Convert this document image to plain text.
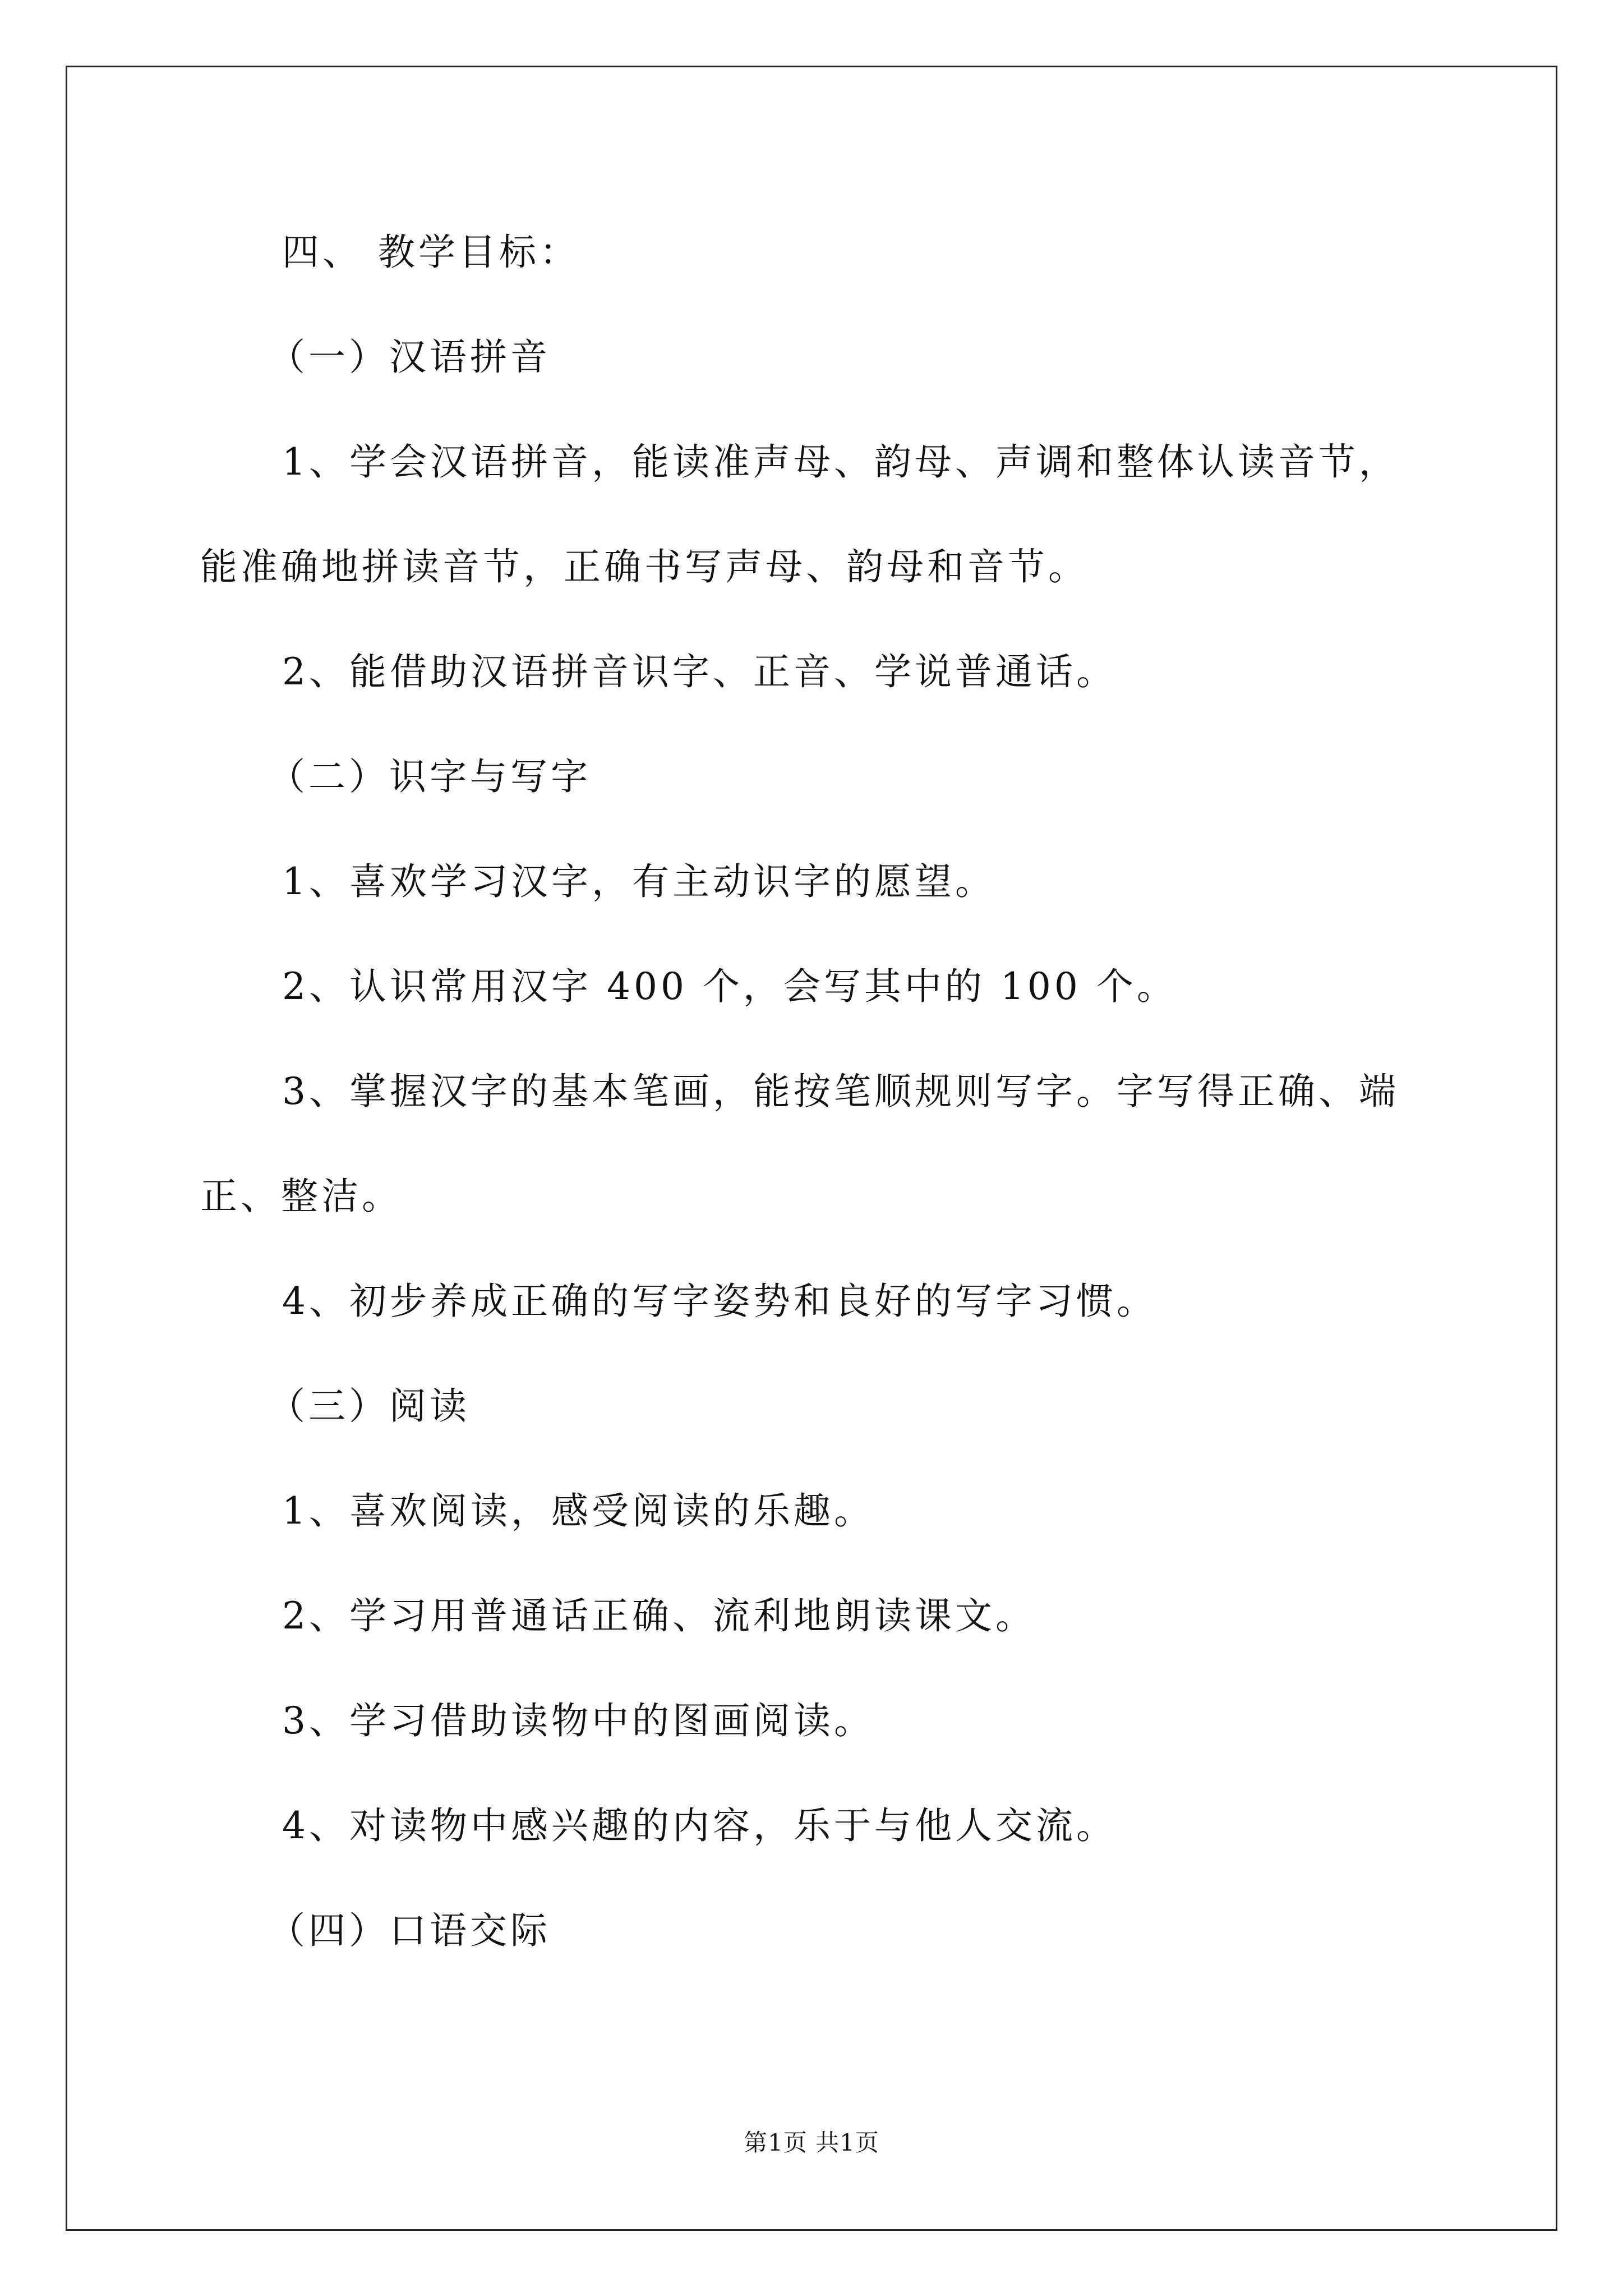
四、 教学目标：
（一）汉语拼音
1、学会汉语拼音，能读准声母、韵母、声调和整体认读音节，
能准确地拼读音节，正确书写声母、韵母和音节。
2、能借助汉语拼音识字、正音、学说普通话。
（二）识字与写字
1、喜欢学习汉字，有主动识字的愿望。
2、认识常用汉字 400 个，会写其中的 100 个。
3、掌握汉字的基本笔画，能按笔顺规则写字。字写得正确、端
正、整洁。
4、初步养成正确的写字姿势和良好的写字习惯。
（三）阅读
1、喜欢阅读，感受阅读的乐趣。
2、学习用普通话正确、流利地朗读课文。
3、学习借助读物中的图画阅读。
4、对读物中感兴趣的内容，乐于与他人交流。
（四）口语交际
第1页 共1页
